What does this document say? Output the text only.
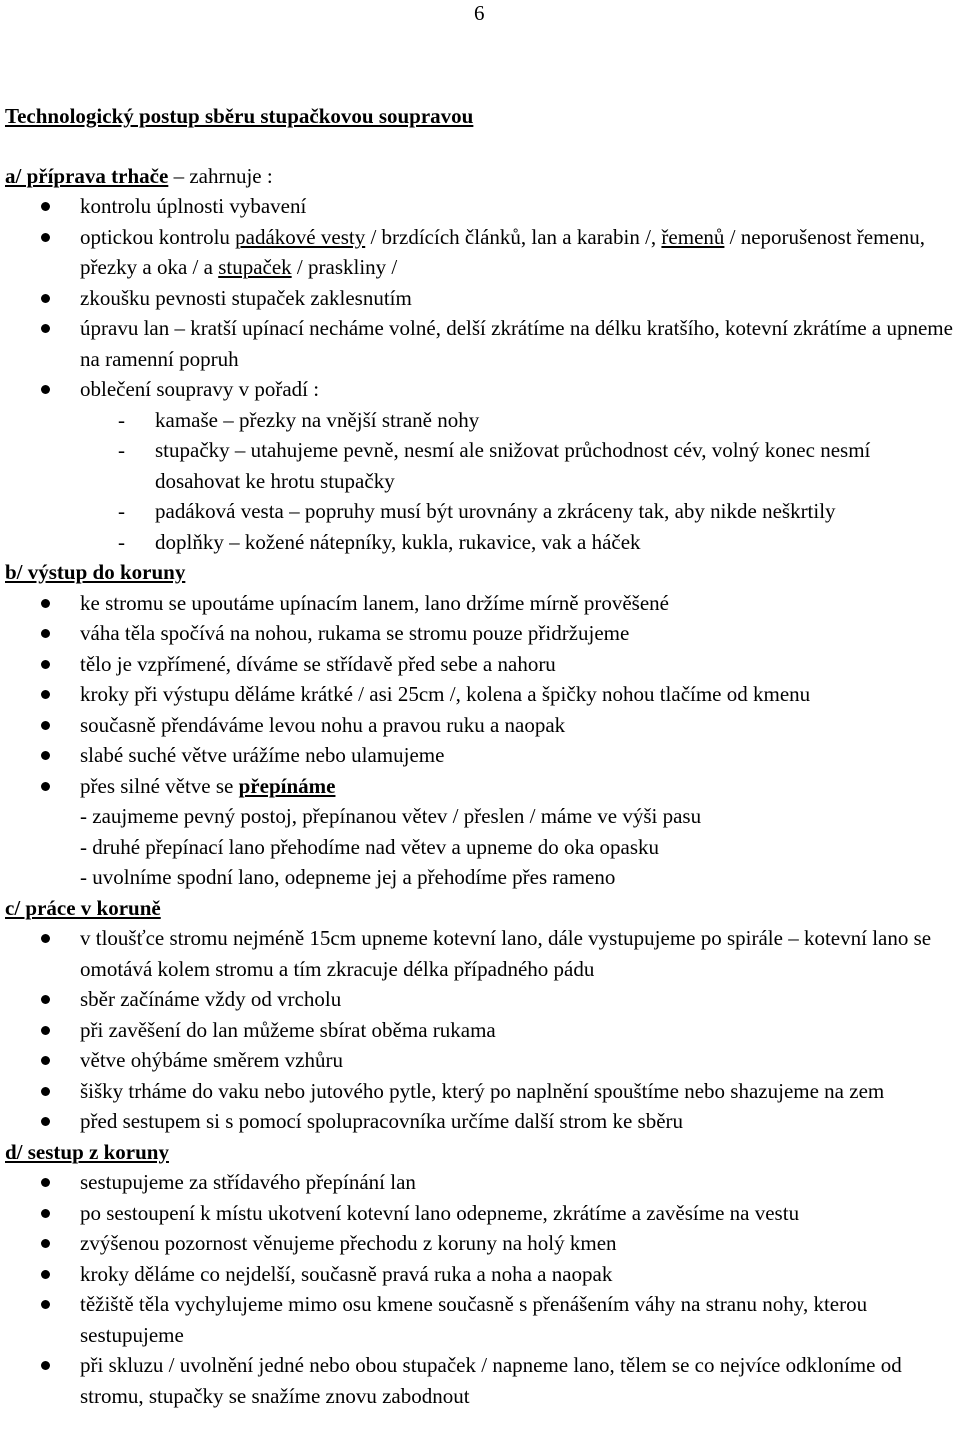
6
Technologický postup sběru stupačkovou soupravou
a/ příprava trhače – zahrnuje :
kontrolu úplnosti vybavení
optickou kontrolu padákové vesty / brzdících článků, lan a karabin /, řemenů / neporušenost řemenu, přezky a oka / a stupaček / praskliny /
zkoušku pevnosti stupaček zaklesnutím
úpravu lan – kratší upínací necháme volné, delší zkrátíme na délku kratšího, kotevní zkrátíme a upneme na ramenní popruh
oblečení soupravy v pořadí :
- kamaše – přezky na vnější straně nohy
- stupačky – utahujeme pevně, nesmí ale snižovat průchodnost cév, volný konec nesmí dosahovat ke hrotu stupačky
- padáková vesta – popruhy musí být urovnány a zkráceny tak, aby nikde neškrtily
- doplňky – kožené nátepníky, kukla, rukavice, vak a háček
b/ výstup do koruny
ke stromu se upoutáme upínacím lanem, lano držíme mírně prověšené
váha těla spočívá na nohou, rukama se stromu pouze přidržujeme
tělo je vzpřímené, díváme se střídavě před sebe a nahoru
kroky při výstupu děláme krátké / asi 25cm /, kolena a špičky nohou tlačíme od kmenu
současně přendáváme levou nohu a pravou ruku a naopak
slabé suché větve urážíme nebo ulamujeme
přes silné větve se přepínáme
- zaujmeme pevný postoj, přepínanou větev / přeslen / máme ve výši pasu
- druhé přepínací lano přehodíme nad větev a upneme do oka opasku
- uvolníme spodní lano, odepneme jej a přehodíme přes rameno
c/ práce v koruně
v tloušťce stromu nejméně 15cm upneme kotevní lano, dále vystupujeme po spirále – kotevní lano se omotává kolem stromu a tím zkracuje délka případného pádu
sběr začínáme vždy od vrcholu
při zavěšení do lan můžeme sbírat oběma rukama
větve ohýbáme směrem vzhůru
šišky trháme do vaku nebo jutového pytle, který po naplnění spouštíme nebo shazujeme na zem
před sestupem si s pomocí spolupracovníka určíme další strom ke sběru
d/ sestup z koruny
sestupujeme za střídavého přepínání lan
po sestoupení k místu ukotvení kotevní lano odepneme, zkrátíme a zavěsíme na vestu
zvýšenou pozornost věnujeme přechodu z koruny na holý kmen
kroky děláme co nejdelší, současně pravá ruka a noha a naopak
těžiště těla vychylujeme mimo osu kmene současně s přenášením váhy na stranu nohy, kterou sestupujeme
při skluzu / uvolnění jedné nebo obou stupaček / napneme lano, tělem se co nejvíce odkloníme od stromu, stupačky se snažíme znovu zabodnout
